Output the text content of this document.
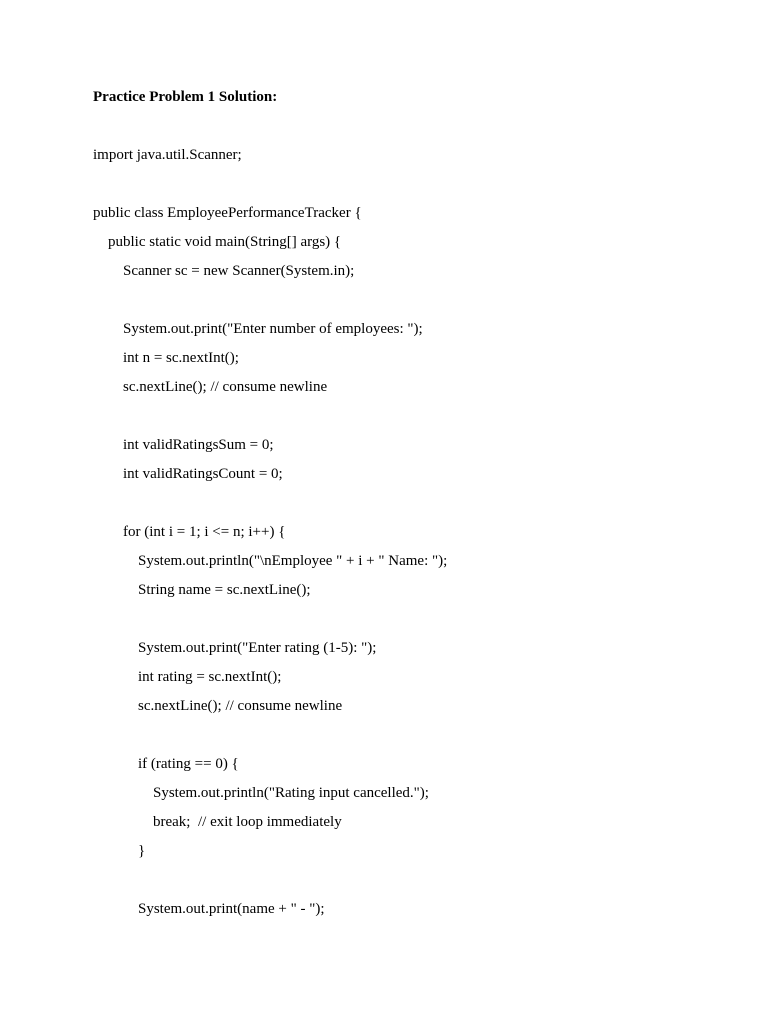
Practice Problem 1 Solution:
import java.util.Scanner;
public class EmployeePerformanceTracker {
public static void main(String[] args) {
Scanner sc = new Scanner(System.in);
System.out.print("Enter number of employees: ");
int n = sc.nextInt();
sc.nextLine(); // consume newline
int validRatingsSum = 0;
int validRatingsCount = 0;
for (int i = 1; i <= n; i++) {
System.out.println("\nEmployee " + i + " Name: ");
String name = sc.nextLine();
System.out.print("Enter rating (1-5): ");
int rating = sc.nextInt();
sc.nextLine(); // consume newline
if (rating == 0) {
System.out.println("Rating input cancelled.");
break;  // exit loop immediately
}
System.out.print(name + " - ");
